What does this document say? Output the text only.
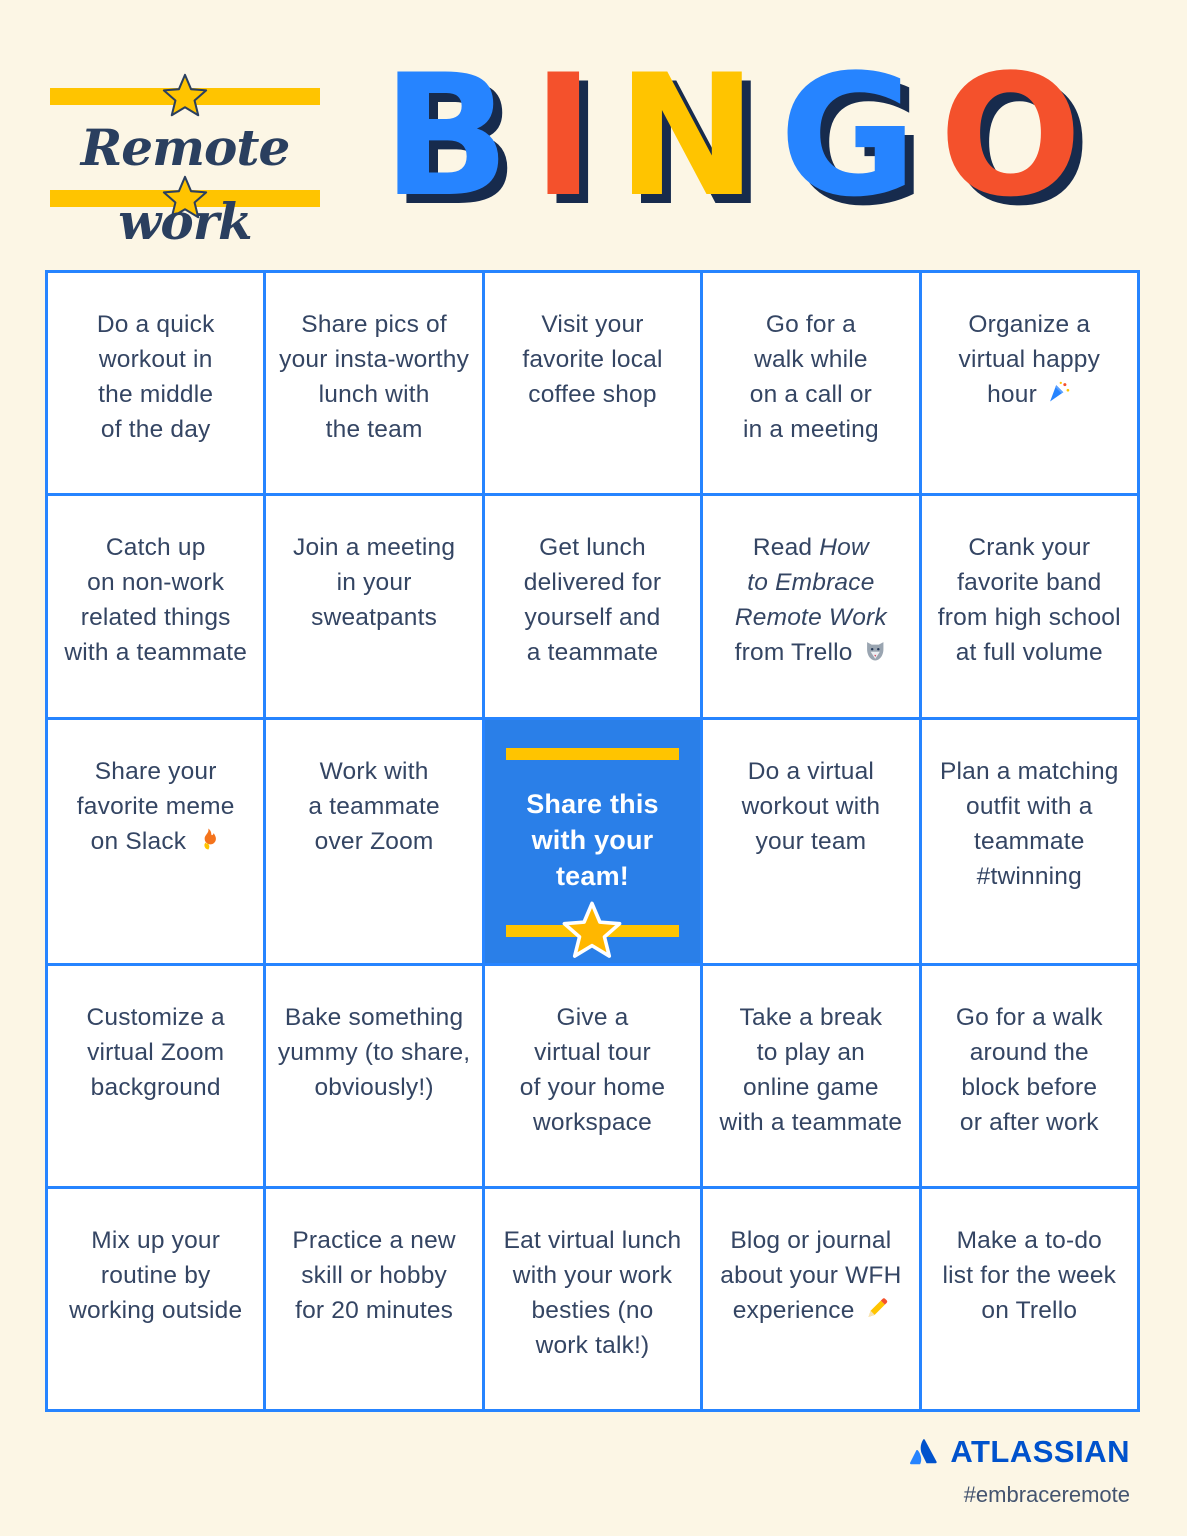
Remote work B I N G O
Do a quick
workout in
the middle
of the day
Share pics of
your insta-worthy
lunch with
the team
Visit your
favorite local
coffee shop
Go for a
walk while
on a call or
in a meeting
Organize a
virtual happy
hour
Catch up
on non-work
related things
with a teammate
Join a meeting
in your
sweatpants
Get lunch
delivered for
yourself and
a teammate
Read How
to Embrace
Remote Work
from Trello
Crank your
favorite band
from high school
at full volume
Share your
favorite meme
on Slack
Work with
a teammate
over Zoom
Share this
with your team!
Do a virtual
workout with
your team
Plan a matching
outfit with a
teammate
#twinning
Customize a
virtual Zoom
background
Bake something
yummy (to share,
obviously!)
Give a
virtual tour
of your home
workspace
Take a break
to play an
online game
with a teammate
Go for a walk
around the
block before
or after work
Mix up your
routine by
working outside
Practice a new
skill or hobby
for 20 minutes
Eat virtual lunch
with your work
besties (no
work talk!)
Blog or journal
about your WFH
experience
Make a to-do
list for the week
on Trello
ATLASSIAN
#embraceremote
